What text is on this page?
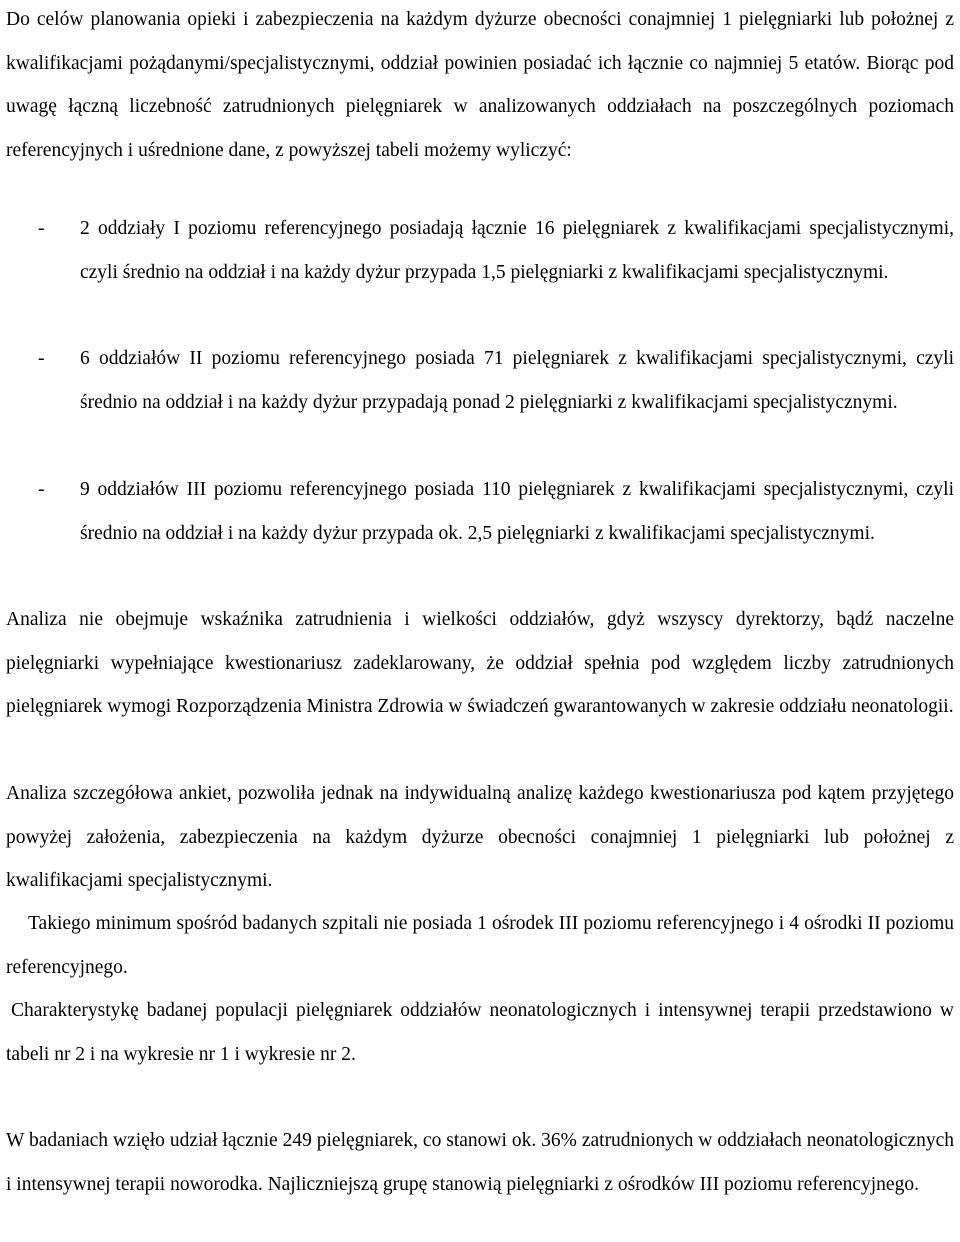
Do celów planowania opieki i zabezpieczenia na każdym dyżurze obecności conajmniej 1 pielęgniarki lub położnej z kwalifikacjami pożądanymi/specjalistycznymi, oddział powinien posiadać ich łącznie co najmniej 5 etatów. Biorąc pod uwagę łączną liczebność zatrudnionych pielęgniarek w analizowanych oddziałach na poszczególnych poziomach referencyjnych i uśrednione dane, z powyższej tabeli możemy wyliczyć:

- 2 oddziały I poziomu referencyjnego posiadają łącznie 16 pielęgniarek z kwalifikacjami specjalistycznymi, czyli średnio na oddział i na każdy dyżur przypada 1,5 pielęgniarki z kwalifikacjami specjalistycznymi.
- 6 oddziałów II poziomu referencyjnego posiada 71 pielęgniarek z kwalifikacjami specjalistycznymi, czyli średnio na oddział i na każdy dyżur przypadają ponad 2 pielęgniarki z kwalifikacjami specjalistycznymi.
- 9 oddziałów III poziomu referencyjnego posiada 110 pielęgniarek z kwalifikacjami specjalistycznymi, czyli średnio na oddział i na każdy dyżur przypada ok. 2,5 pielęgniarki z kwalifikacjami specjalistycznymi.

Analiza nie obejmuje wskaźnika zatrudnienia i wielkości oddziałów, gdyż wszyscy dyrektorzy, bądź naczelne pielęgniarki wypełniające kwestionariusz zadeklarowany, że oddział spełnia pod względem liczby zatrudnionych pielęgniarek wymogi Rozporządzenia Ministra Zdrowia w świadczeń gwarantowanych w zakresie oddziału neonatologii.

Analiza szczegółowa ankiet, pozwoliła jednak na indywidualną analizę każdego kwestionariusza pod kątem przyjętego powyżej założenia, zabezpieczenia na każdym dyżurze obecności conajmniej 1 pielęgniarki lub położnej z kwalifikacjami specjalistycznymi.

Takiego minimum spośród badanych szpitali nie posiada 1 ośrodek III poziomu referencyjnego i 4 ośrodki II poziomu referencyjnego.

Charakterystykę badanej populacji pielęgniarek oddziałów neonatologicznych i intensywnej terapii przedstawiono w tabeli nr 2 i na wykresie nr 1 i wykresie nr 2.

W badaniach wzięło udział łącznie 249 pielęgniarek, co stanowi ok. 36% zatrudnionych w oddziałach neonatologicznych i intensywnej terapii noworodka. Najliczniejszą grupę stanowią pielęgniarki z ośrodków III poziomu referencyjnego.
